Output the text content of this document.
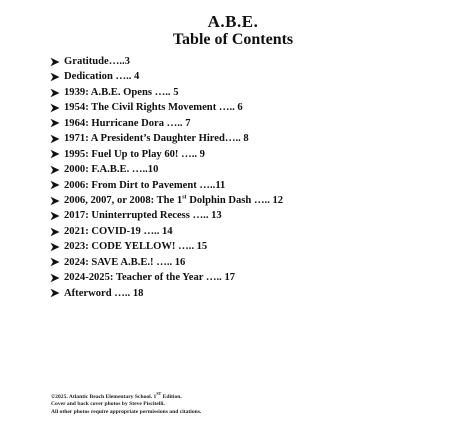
A.B.E.
Table of Contents
Gratitude…..3
Dedication ….. 4
1939: A.B.E. Opens ….. 5
1954: The Civil Rights Movement ….. 6
1964: Hurricane Dora ….. 7
1971: A President’s Daughter Hired….. 8
1995: Fuel Up to Play 60! ….. 9
2000: F.A.B.E. …..10
2006: From Dirt to Pavement …..11
2006, 2007, or 2008: The 1st Dolphin Dash ….. 12
2017: Uninterrupted Recess ….. 13
2021: COVID-19 ….. 14
2023: CODE YELLOW! ….. 15
2024: SAVE A.B.E.! ….. 16
2024-2025: Teacher of the Year ….. 17
Afterword ….. 18
©2025. Atlantic Beach Elementary School. 1ST Edition.
Cover and back cover photos by Steve Piscitelli.
All other photos require appropriate permissions and citations.
